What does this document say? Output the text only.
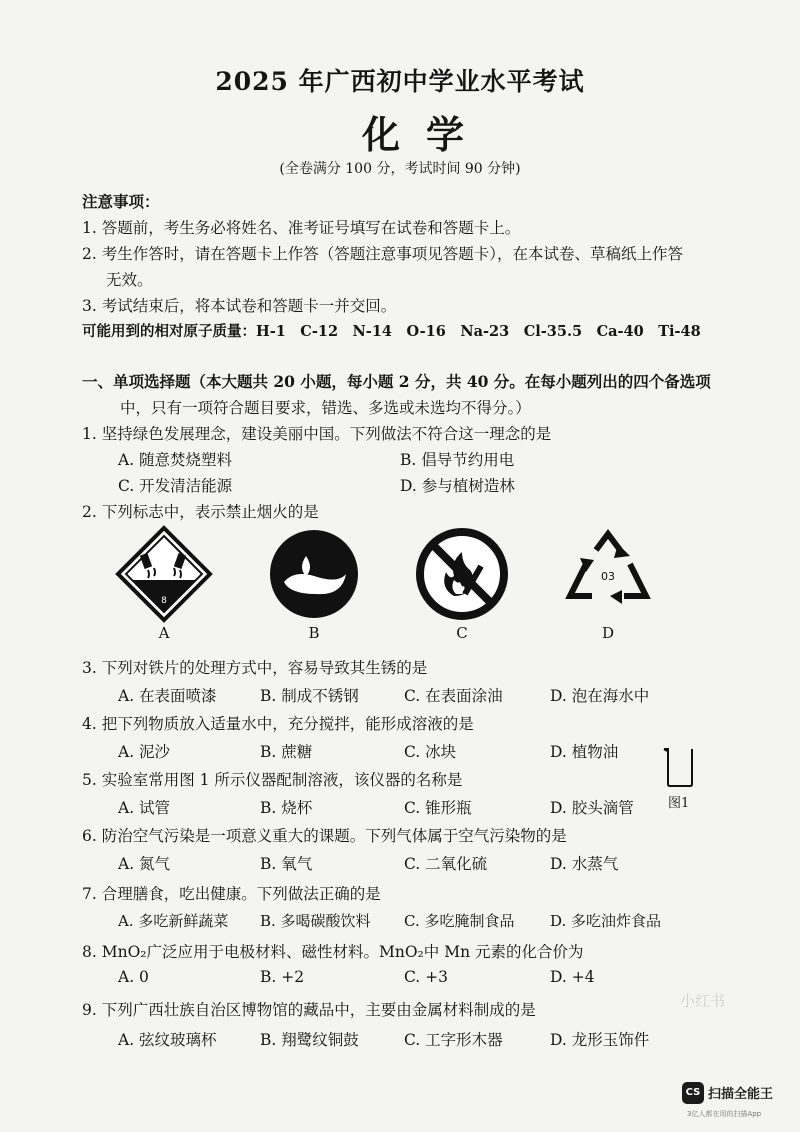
2025 年广西初中学业水平考试
化学
(全卷满分 100 分，考试时间 90 分钟)
注意事项：
1. 答题前，考生务必将姓名、准考证号填写在试卷和答题卡上。
2. 考生作答时，请在答题卡上作答（答题注意事项见答题卡），在本试卷、草稿纸上作答
无效。
3. 考试结束后，将本试卷和答题卡一并交回。
可能用到的相对原子质量：H-1　C-12　N-14　O-16　Na-23　Cl-35.5　Ca-40　Ti-48
一、单项选择题（本大题共 20 小题，每小题 2 分，共 40 分。在每小题列出的四个备选项
中，只有一项符合题目要求，错选、多选或未选均不得分。）
1. 坚持绿色发展理念，建设美丽中国。下列做法不符合这一理念的是
A. 随意焚烧塑料	B. 倡导节约用电
C. 开发清洁能源	D. 参与植树造林
2. 下列标志中，表示禁止烟火的是
8
A	B	C
03
D
3. 下列对铁片的处理方式中，容易导致其生锈的是
A. 在表面喷漆	B. 制成不锈钢	C. 在表面涂油	D. 泡在海水中
4. 把下列物质放入适量水中，充分搅拌，能形成溶液的是
A. 泥沙	B. 蔗糖	C. 冰块	D. 植物油
5. 实验室常用图 1 所示仪器配制溶液，该仪器的名称是
A. 试管	B. 烧杯	C. 锥形瓶	D. 胶头滴管	图1
6. 防治空气污染是一项意义重大的课题。下列气体属于空气污染物的是
A. 氮气	B. 氧气	C. 二氧化硫	D. 水蒸气
7. 合理膳食，吃出健康。下列做法正确的是
A. 多吃新鲜蔬菜 B. 多喝碳酸饮料 C. 多吃腌制食品 D. 多吃油炸食品
8. MnO₂广泛应用于电极材料、磁性材料。MnO₂中 Mn 元素的化合价为
A. 0	B. +2	C. +3	D. +4
9. 下列广西壮族自治区博物馆的藏品中，主要由金属材料制成的是
A. 弦纹玻璃杯	B. 翔鹭纹铜鼓	C. 工字形木器	D. 龙形玉饰件
小红书
CS 扫描全能王
3亿人都在用的扫描App
